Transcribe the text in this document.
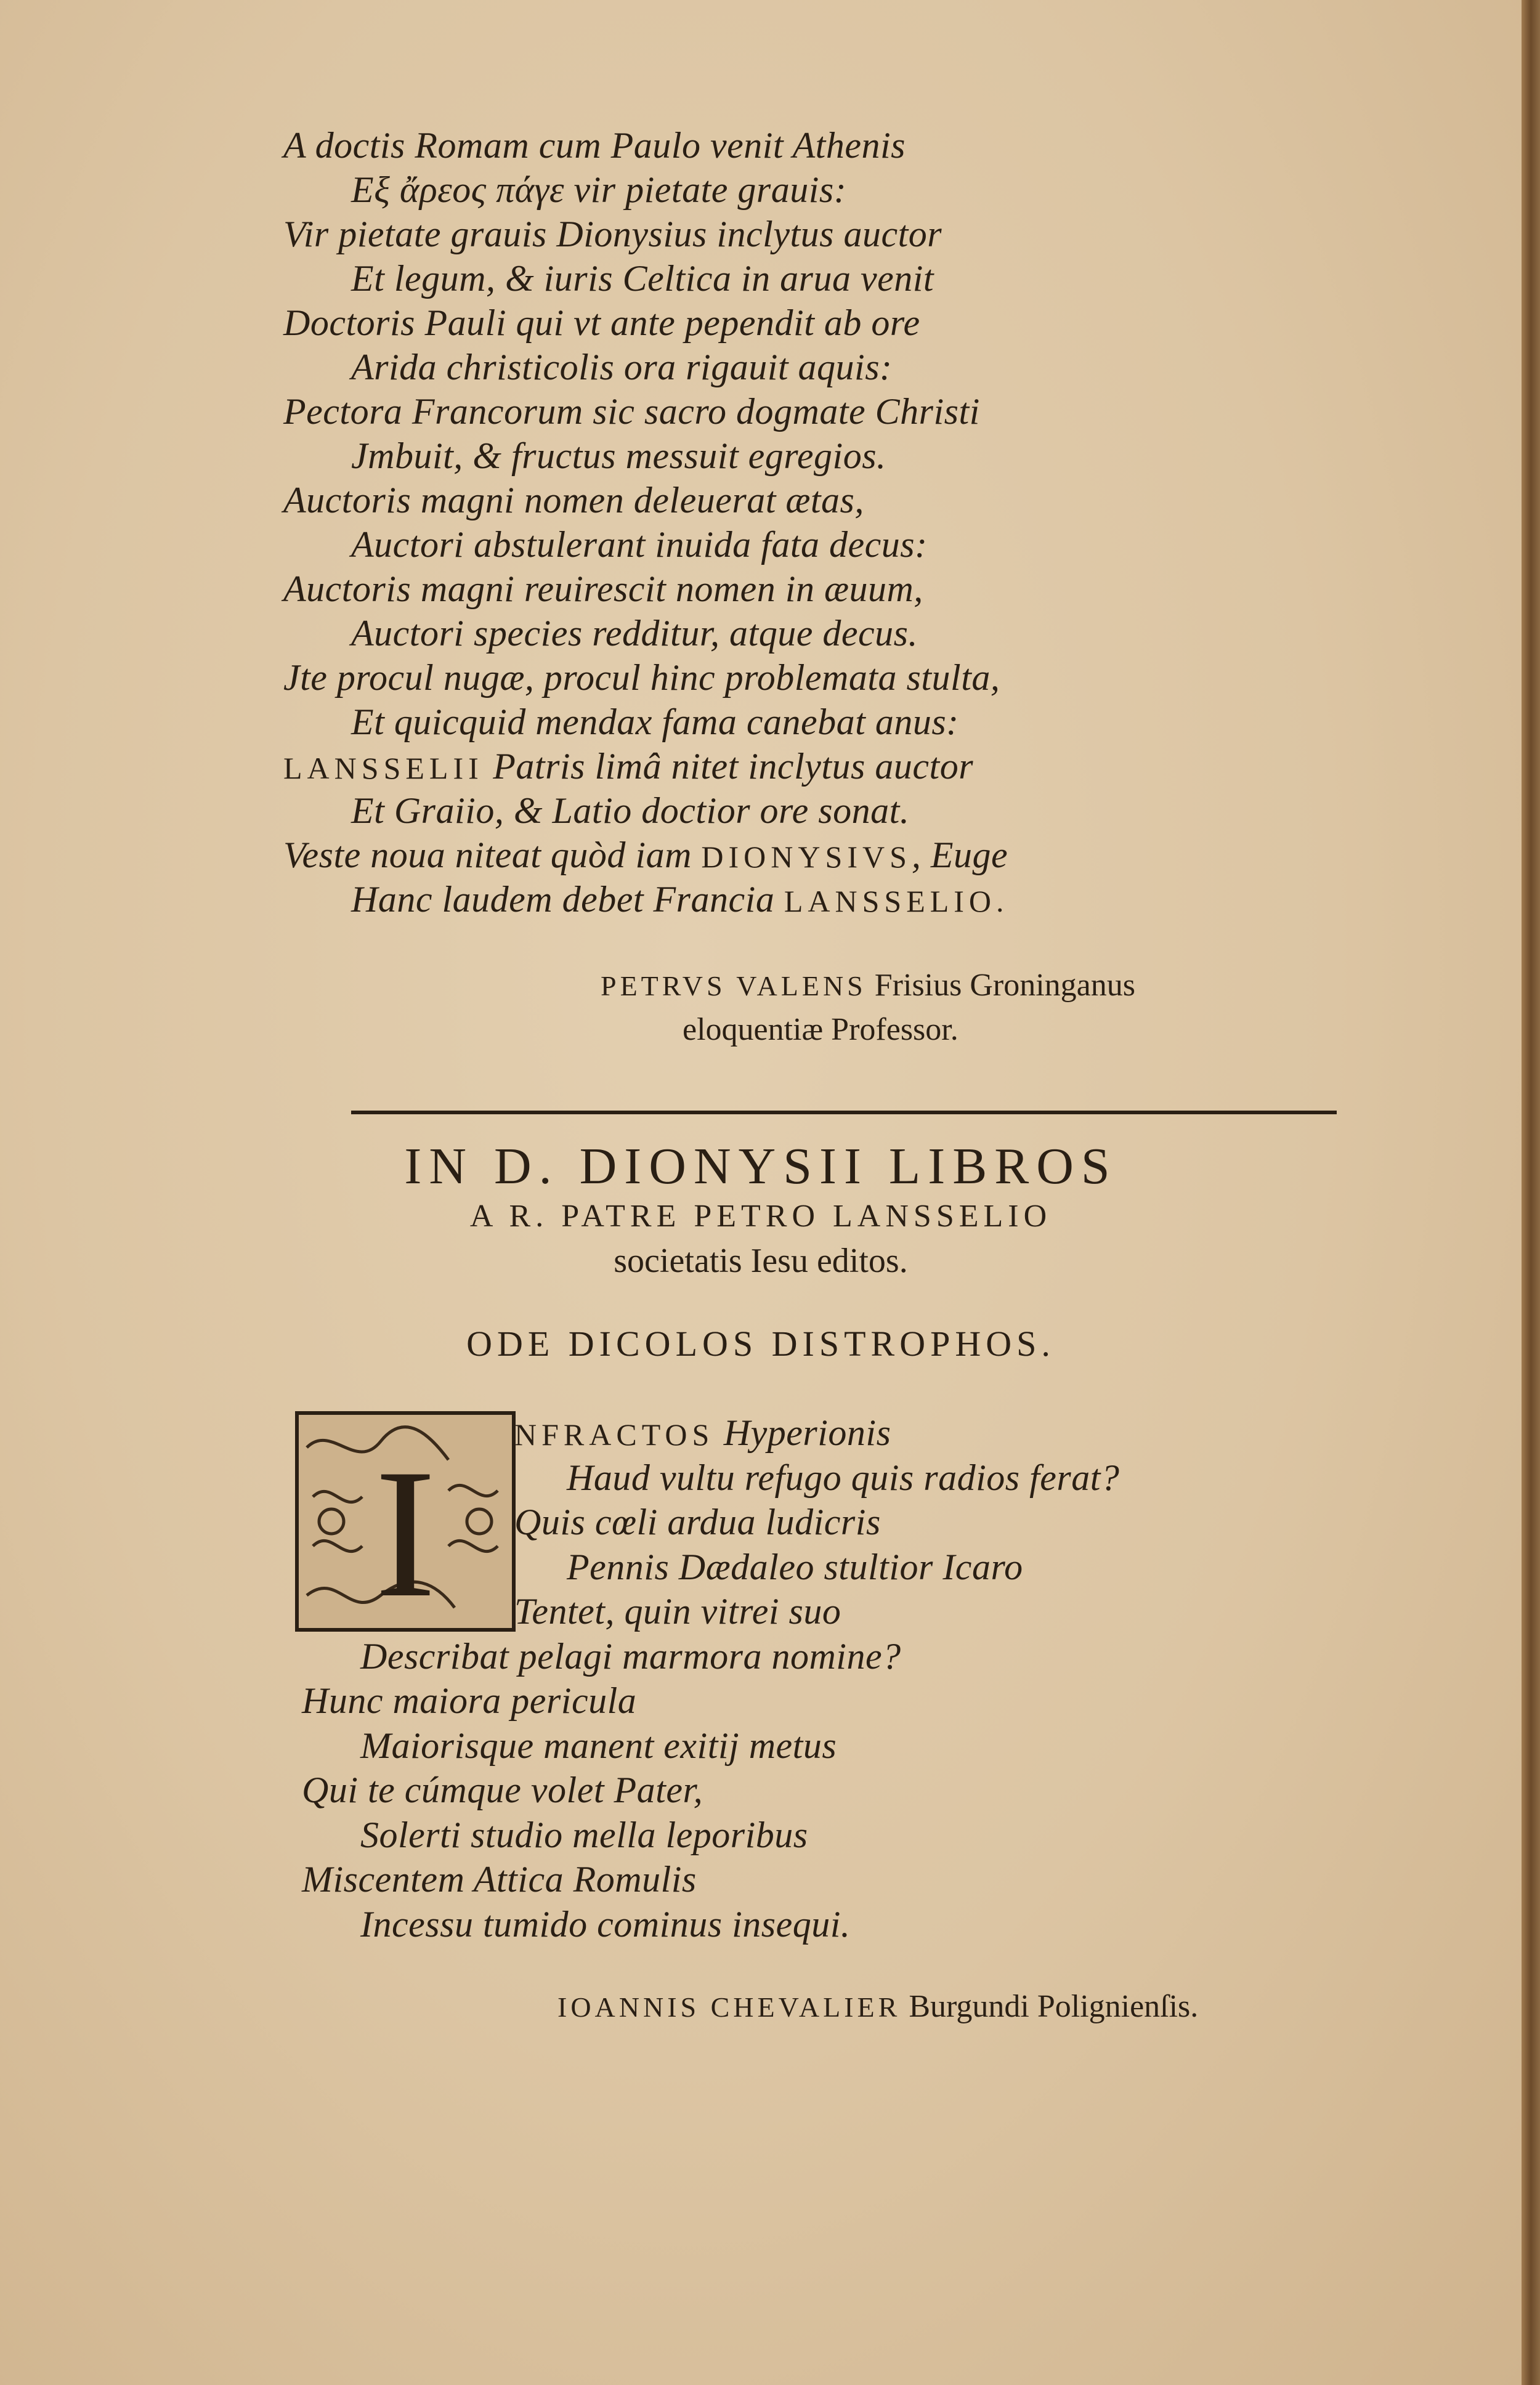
A doctis Romam cum Paulo venit Athenis
Eξ ἄρεος πάγε vir pietate grauis:
Vir pietate grauis Dionysius inclytus auctor
Et legum, & iuris Celtica in arua venit
Doctoris Pauli qui vt ante pependit ab ore
Arida christicolis ora rigauit aquis:
Pectora Francorum sic sacro dogmate Christi
Jmbuit, & fructus messuit egregios.
Auctoris magni nomen deleuerat ætas,
Auctori abstulerant inuida fata decus:
Auctoris magni reuirescit nomen in æuum,
Auctori species redditur, atque decus.
Jte procul nugæ, procul hinc problemata stulta,
Et quicquid mendax fama canebat anus:
LANSSELII Patris limâ nitet inclytus auctor
Et Graiio, & Latio doctior ore sonat.
Veste noua niteat quòd iam DIONYSIVS, Euge
Hanc laudem debet Francia LANSSELIO.
PETRVS VALENS Frisius Groninganus
eloquentiæ Professor.
IN D. DIONYSII LIBROS
A R. PATRE PETRO LANSSELIO
societatis Iesu editos.
ODE DICOLOS DISTROPHOS.
I	NFRACTOS Hyperionis
Haud vultu refugo quis radios ferat?
Quis cœli ardua ludicris
Pennis Dædaleo stultior Icaro
Tentet, quin vitrei suo
Describat pelagi marmora nomine?
Hunc maiora pericula
Maiorisque manent exitij metus
Qui te cúmque volet Pater,
Solerti studio mella leporibus
Miscentem Attica Romulis
Incessu tumido cominus insequi.
IOANNIS CHEVALIER Burgundi Polignienſis.
